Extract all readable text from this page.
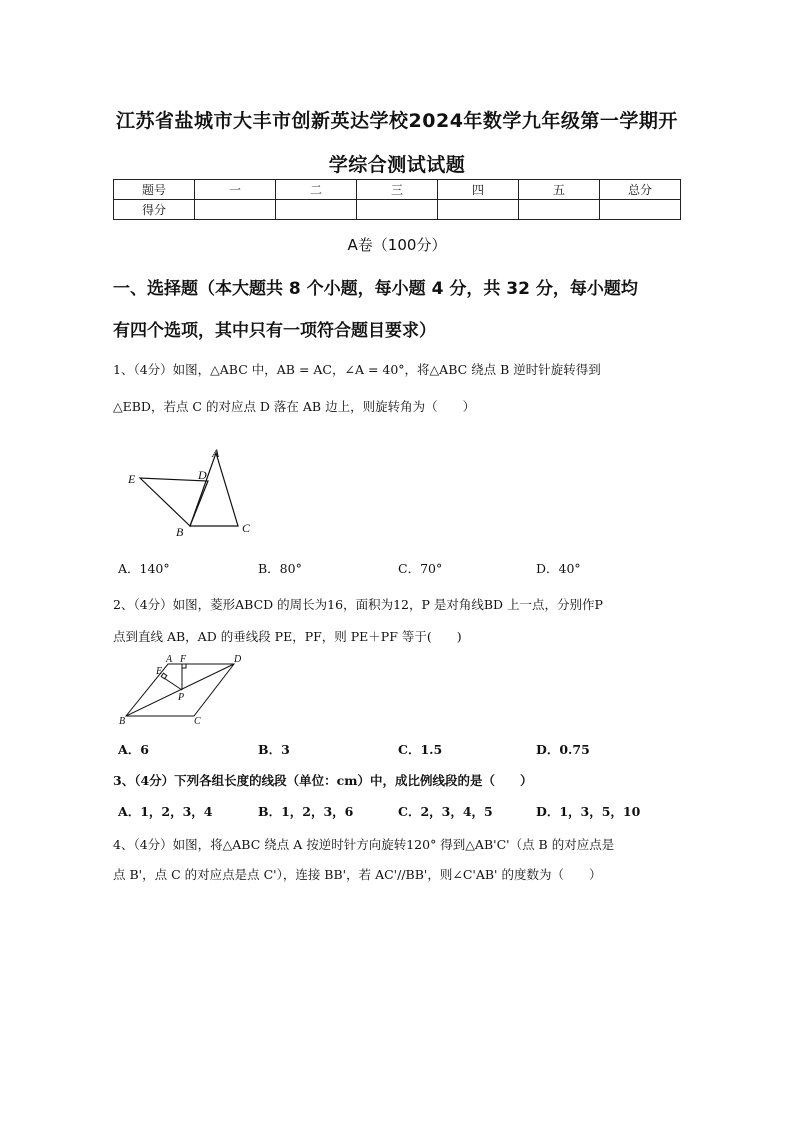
江苏省盐城市大丰市创新英达学校2024年数学九年级第一学期开
学综合测试试题
题号	一	二	三	四	五	总分
得分						
A卷（100分）
一、选择题（本大题共 8 个小题，每小题 4 分，共 32 分，每小题均
有四个选项，其中只有一项符合题目要求）
1、（4分）如图，△ABC 中，AB = AC，∠A = 40°，将△ABC 绕点 B 逆时针旋转得到
△EBD，若点 C 的对应点 D 落在 AB 边上，则旋转角为（　　）
A
D
E
B	C
A．140°	B．80°	C．70°	D．40°
2、（4分）如图，菱形ABCD 的周长为16，面积为12，P 是对角线BD 上一点，分别作P
点到直线 AB，AD 的垂线段 PE，PF，则 PE＋PF 等于(　　)
A F	D
E
P
B	C
A．6	B．3	C．1.5	D．0.75
3、（4分）下列各组长度的线段（单位：cm）中，成比例线段的是（　　）
A．1，2，3，4	B．1，2，3，6	C．2，3，4，5	D．1，3，5，10
4、（4分）如图，将△ABC 绕点 A 按逆时针方向旋转120° 得到△AB'C'（点 B 的对应点是
点 B'，点 C 的对应点是点 C'），连接 BB'，若 AC'//BB'，则∠C'AB' 的度数为（　　）
